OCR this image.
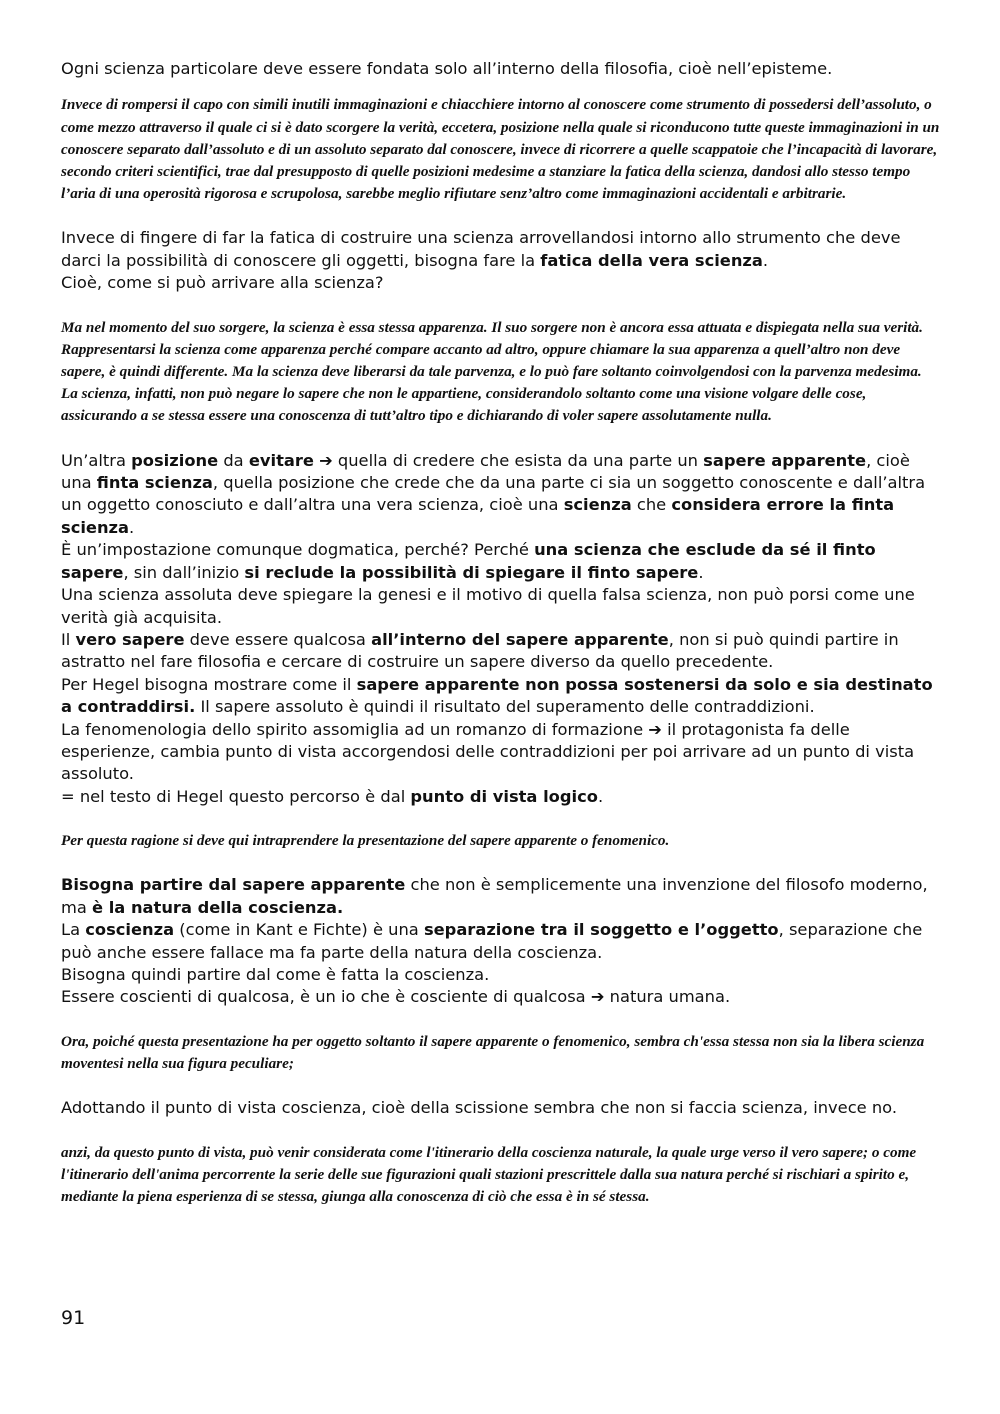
Ogni scienza particolare deve essere fondata solo all’interno della filosofia, cioè nell’episteme.

Invece di rompersi il capo con simili inutili immaginazioni e chiacchiere intorno al conoscere come strumento di possedersi dell’assoluto, o come mezzo attraverso il quale ci si è dato scorgere la verità, eccetera, posizione nella quale si riconducono tutte queste immaginazioni in un conoscere separato dall’assoluto e di un assoluto separato dal conoscere, invece di ricorrere a quelle scappatoie che l’incapacità di lavorare, secondo criteri scientifici, trae dal presupposto di quelle posizioni medesime a stanziare la fatica della scienza, dandosi allo stesso tempo l’aria di una operosità rigorosa e scrupolosa, sarebbe meglio rifiutare senz’altro come immaginazioni accidentali e arbitrarie.

Invece di fingere di far la fatica di costruire una scienza arrovellandosi intorno allo strumento che deve darci la possibilità di conoscere gli oggetti, bisogna fare la fatica della vera scienza.

Cioè, come si può arrivare alla scienza?

Ma nel momento del suo sorgere, la scienza è essa stessa apparenza. Il suo sorgere non è ancora essa attuata e dispiegata nella sua verità. Rappresentarsi la scienza come apparenza perché compare accanto ad altro, oppure chiamare la sua apparenza a quell’altro non deve sapere, è quindi differente. Ma la scienza deve liberarsi da tale parvenza, e lo può fare soltanto coinvolgendosi con la parvenza medesima. La scienza, infatti, non può negare lo sapere che non le appartiene, considerandolo soltanto come una visione volgare delle cose, assicurando a se stessa essere una conoscenza di tutt’altro tipo e dichiarando di voler sapere assolutamente nulla.

Un’altra posizione da evitare ➔ quella di credere che esista da una parte un sapere apparente, cioè una finta scienza, quella posizione che crede che da una parte ci sia un soggetto conoscente e dall’altra un oggetto conosciuto e dall’altra una vera scienza, cioè una scienza che considera errore la finta scienza.

È un’impostazione comunque dogmatica, perché? Perché una scienza che esclude da sé il finto sapere, sin dall’inizio si reclude la possibilità di spiegare il finto sapere.

Una scienza assoluta deve spiegare la genesi e il motivo di quella falsa scienza, non può porsi come une verità già acquisita.

Il vero sapere deve essere qualcosa all’interno del sapere apparente, non si può quindi partire in astratto nel fare filosofia e cercare di costruire un sapere diverso da quello precedente.

Per Hegel bisogna mostrare come il sapere apparente non possa sostenersi da solo e sia destinato a contraddirsi. Il sapere assoluto è quindi il risultato del superamento delle contraddizioni.

La fenomenologia dello spirito assomiglia ad un romanzo di formazione ➔ il protagonista fa delle esperienze, cambia punto di vista accorgendosi delle contraddizioni per poi arrivare ad un punto di vista assoluto.

= nel testo di Hegel questo percorso è dal punto di vista logico.

Per questa ragione si deve qui intraprendere la presentazione del sapere apparente o fenomenico.

Bisogna partire dal sapere apparente che non è semplicemente una invenzione del filosofo moderno, ma è la natura della coscienza.

La coscienza (come in Kant e Fichte) è una separazione tra il soggetto e l’oggetto, separazione che può anche essere fallace ma fa parte della natura della coscienza.

Bisogna quindi partire dal come è fatta la coscienza.

Essere coscienti di qualcosa, è un io che è cosciente di qualcosa ➔ natura umana.

Ora, poiché questa presentazione ha per oggetto soltanto il sapere apparente o fenomenico, sembra ch'essa stessa non sia la libera scienza moventesi nella sua figura peculiare;

Adottando il punto di vista coscienza, cioè della scissione sembra che non si faccia scienza, invece no.

anzi, da questo punto di vista, può venir considerata come l'itinerario della coscienza naturale, la quale urge verso il vero sapere; o come l'itinerario dell'anima percorrente la serie delle sue figurazioni quali stazioni prescrittele dalla sua natura perché si rischiari a spirito e, mediante la piena esperienza di se stessa, giunga alla conoscenza di ciò che essa è in sé stessa.

91
